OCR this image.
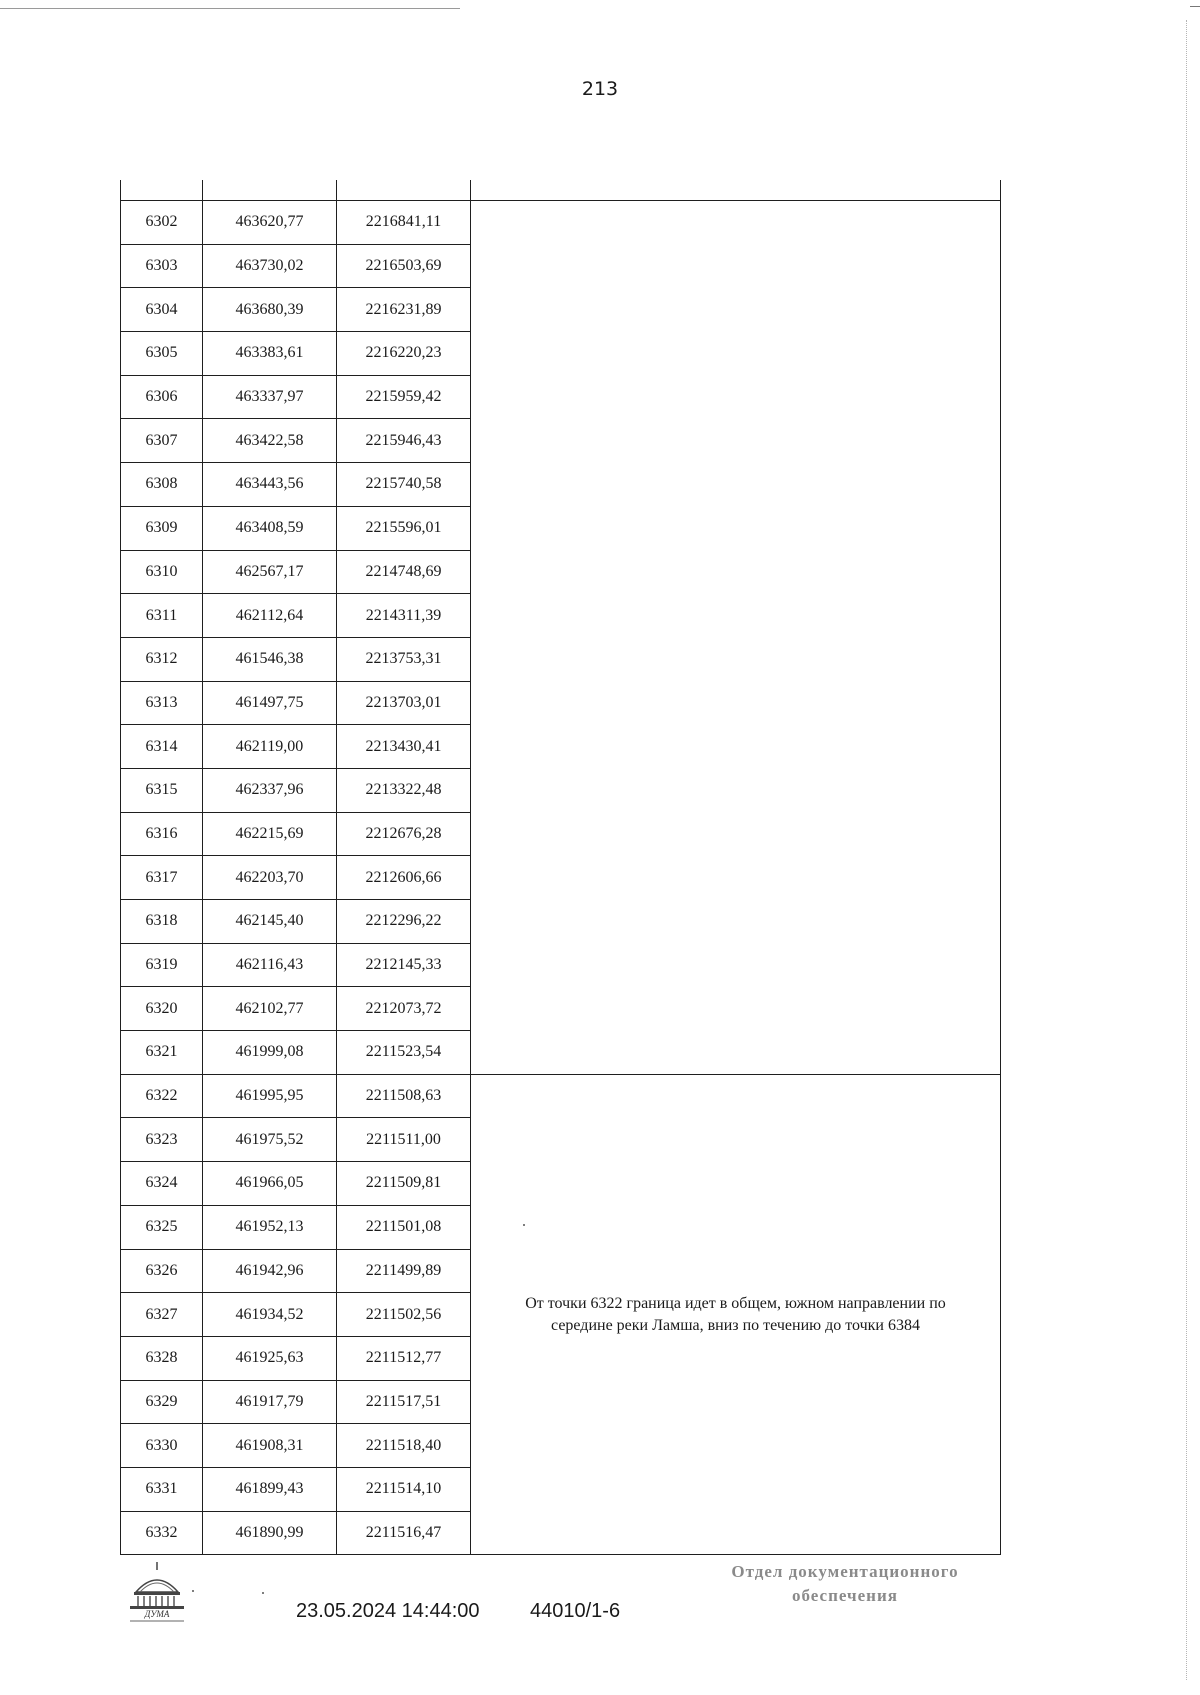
213

6302	463620,77	2216841,11	
6303	463730,02	2216503,69	
6304	463680,39	2216231,89	
6305	463383,61	2216220,23	
6306	463337,97	2215959,42	
6307	463422,58	2215946,43	
6308	463443,56	2215740,58	
6309	463408,59	2215596,01	
6310	462567,17	2214748,69	
6311	462112,64	2214311,39	
6312	461546,38	2213753,31	
6313	461497,75	2213703,01	
6314	462119,00	2213430,41	
6315	462337,96	2213322,48	
6316	462215,69	2212676,28	
6317	462203,70	2212606,66	
6318	462145,40	2212296,22	
6319	462116,43	2212145,33	
6320	462102,77	2212073,72	
6321	461999,08	2211523,54	
6322	461995,95	2211508,63	От точки 6322 граница идет в общем, южном направлении по
середине реки Ламша, вниз по течению до точки 6384

6323	461975,52	2211511,00	
6324	461966,05	2211509,81	
6325	461952,13	2211501,08	
6326	461942,96	2211499,89	
6327	461934,52	2211502,56	
6328	461925,63	2211512,77	
6329	461917,79	2211517,51	
6330	461908,31	2211518,40	
6331	461899,43	2211514,10	
6332	461890,99	2211516,47	
ДУМА	23.05.2024 14:44:00	44010/1-6
Отдел документационного
обеспечения
